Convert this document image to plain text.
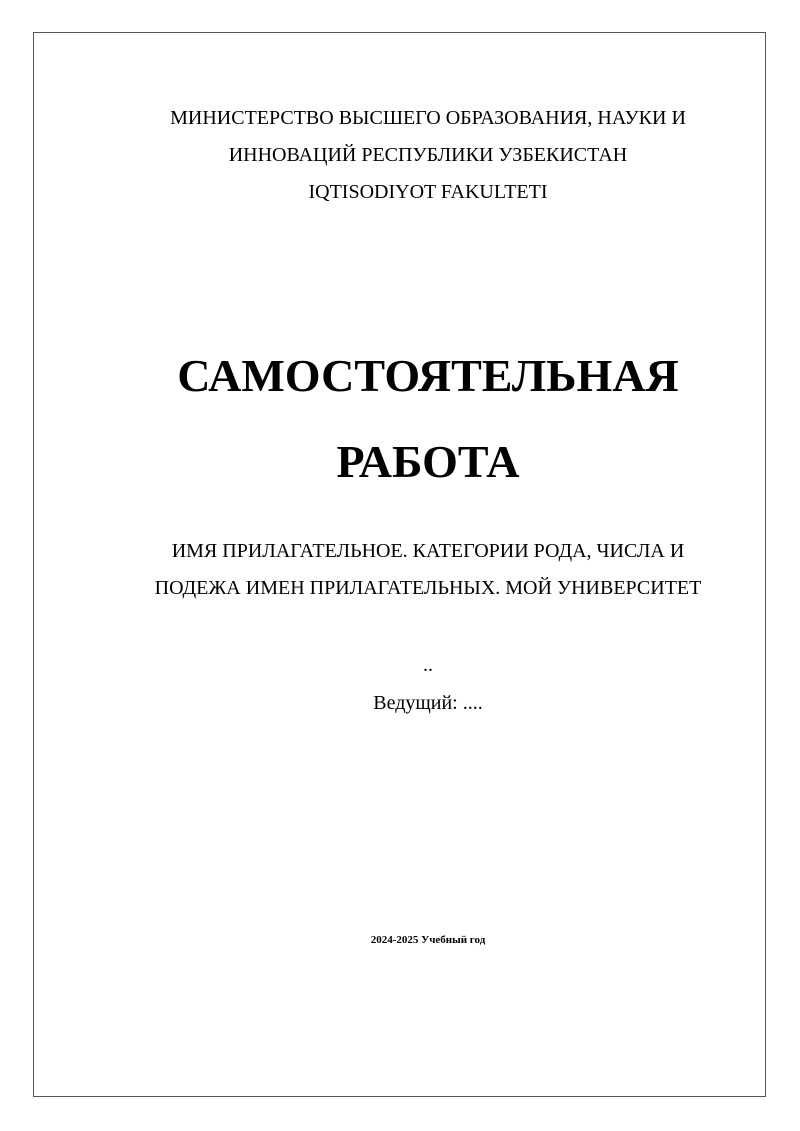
МИНИСТЕРСТВО ВЫСШЕГО ОБРАЗОВАНИЯ, НАУКИ И
ИННОВАЦИЙ РЕСПУБЛИКИ УЗБЕКИСТАН
IQTISODIYOT FAKULTETI
САМОСТОЯТЕЛЬНАЯ
РАБОТА
ИМЯ ПРИЛАГАТЕЛЬНОЕ. КАТЕГОРИИ РОДА, ЧИСЛА И
ПОДЕЖА ИМЕН ПРИЛАГАТЕЛЬНЫХ. МОЙ УНИВЕРСИТЕТ
..
Ведущий: ....
2024-2025 Учебный год
